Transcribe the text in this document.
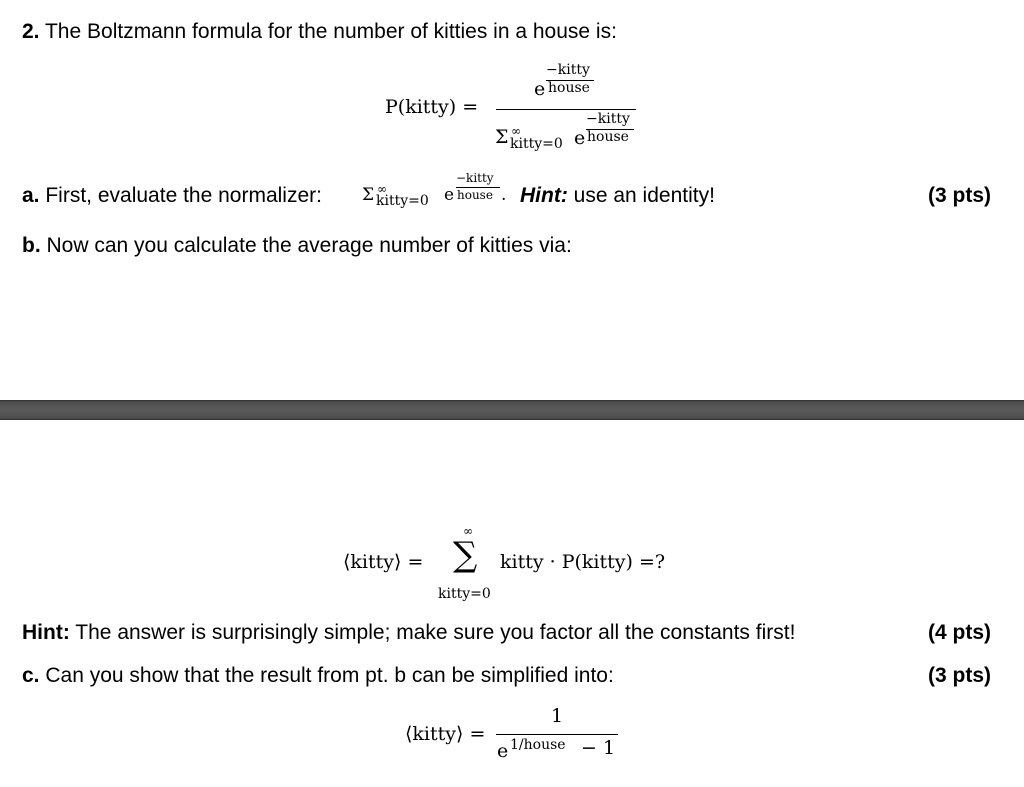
2. The Boltzmann formula for the number of kitties in a house is:
P(kitty) =
−kitty
e house
Σ ∞
kitty=0
−kitty
e house
a. First, evaluate the normalizer: Σ ∞
kitty=0
−kitty
e house . Hint: use an identity!	(3 pts)
b. Now can you calculate the average number of kitties via:
⟨kitty⟩ =
∞
∑
kitty=0
kitty · P(kitty) =?
Hint: The answer is surprisingly simple; make sure you factor all the constants first!	(4 pts)
c. Can you show that the result from pt. b can be simplified into:	(3 pts)
⟨kitty⟩ =
1
e 1/house − 1
